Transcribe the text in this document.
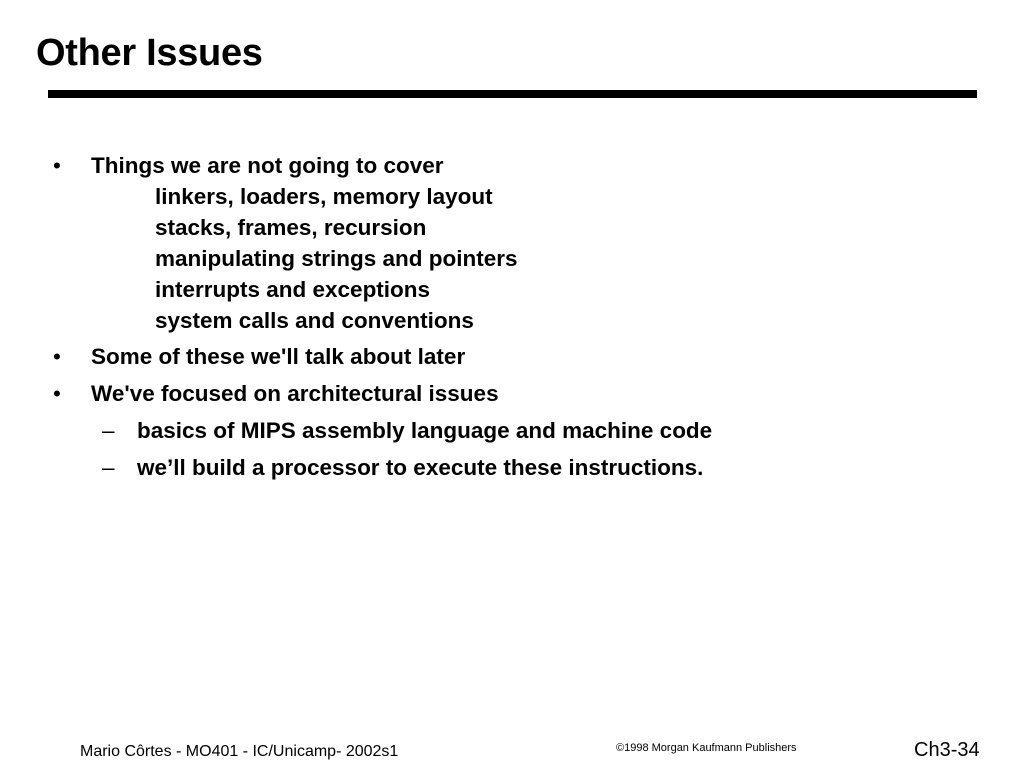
Other Issues
• Things we are not going to cover
linkers, loaders, memory layout
stacks, frames, recursion
manipulating strings and pointers
interrupts and exceptions
system calls and conventions
• Some of these we'll talk about later
• We've focused on architectural issues
– basics of MIPS assembly language and machine code
– we’ll build a processor to execute these instructions.
Mario Côrtes - MO401 - IC/Unicamp- 2002s1	©1998 Morgan Kaufmann Publishers	Ch3-34
